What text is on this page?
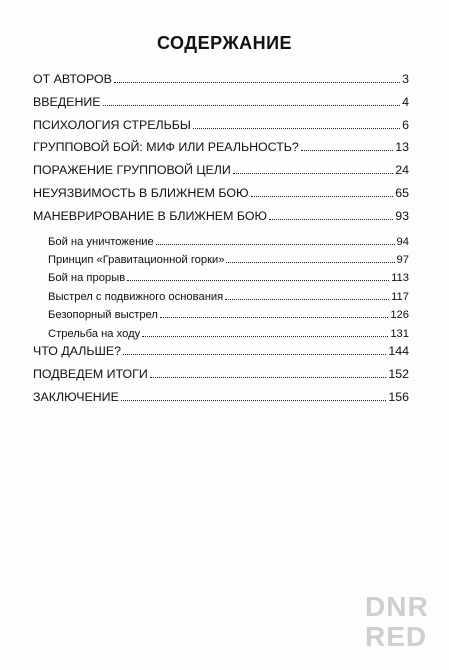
СОДЕРЖАНИЕ
ОТ АВТОРОВ	3
ВВЕДЕНИЕ	4
ПСИХОЛОГИЯ СТРЕЛЬБЫ	6
ГРУППОВОЙ БОЙ: МИФ ИЛИ РЕАЛЬНОСТЬ?	13
ПОРАЖЕНИЕ ГРУППОВОЙ ЦЕЛИ	24
НЕУЯЗВИМОСТЬ В БЛИЖНЕМ БОЮ	65
МАНЕВРИРОВАНИЕ В БЛИЖНЕМ БОЮ	93
Бой на уничтожение	94
Принцип «Гравитационной горки»	97
Бой на прорыв	113
Выстрел с подвижного основания	117
Безопорный выстрел	126
Стрельба на ходу	131
ЧТО ДАЛЬШЕ?	144
ПОДВЕДЕМ ИТОГИ	152
ЗАКЛЮЧЕНИЕ	156
DNR
RED
